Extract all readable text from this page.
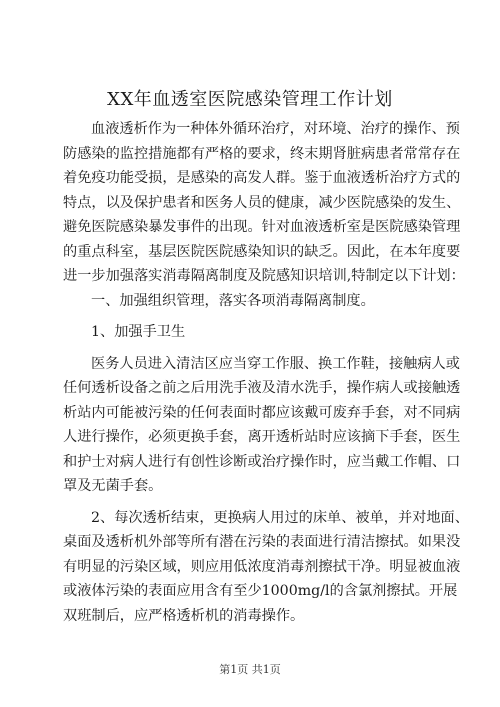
XX年血透室医院感染管理工作计划
血液透析作为一种体外循环治疗，对环境、治疗的操作、预
防感染的监控措施都有严格的要求，终末期肾脏病患者常常存在
着免疫功能受损，是感染的高发人群。鉴于血液透析治疗方式的
特点，以及保护患者和医务人员的健康，减少医院感染的发生、
避免医院感染暴发事件的出现。针对血液透析室是医院感染管理
的重点科室，基层医院医院感染知识的缺乏。因此，在本年度要
进一步加强落实消毒隔离制度及院感知识培训,特制定以下计划：
一、加强组织管理，落实各项消毒隔离制度。
1、加强手卫生
医务人员进入清洁区应当穿工作服、换工作鞋，接触病人或
任何透析设备之前之后用洗手液及清水洗手，操作病人或接触透
析站内可能被污染的任何表面时都应该戴可废弃手套，对不同病
人进行操作，必须更换手套，离开透析站时应该摘下手套，医生
和护士对病人进行有创性诊断或治疗操作时，应当戴工作帽、口
罩及无菌手套。
2、每次透析结束，更换病人用过的床单、被单，并对地面、
桌面及透析机外部等所有潜在污染的表面进行清洁擦拭。如果没
有明显的污染区域，则应用低浓度消毒剂擦拭干净。明显被血液
或液体污染的表面应用含有至少1000mg/l的含氯剂擦拭。开展
双班制后，应严格透析机的消毒操作。
第1页 共1页
